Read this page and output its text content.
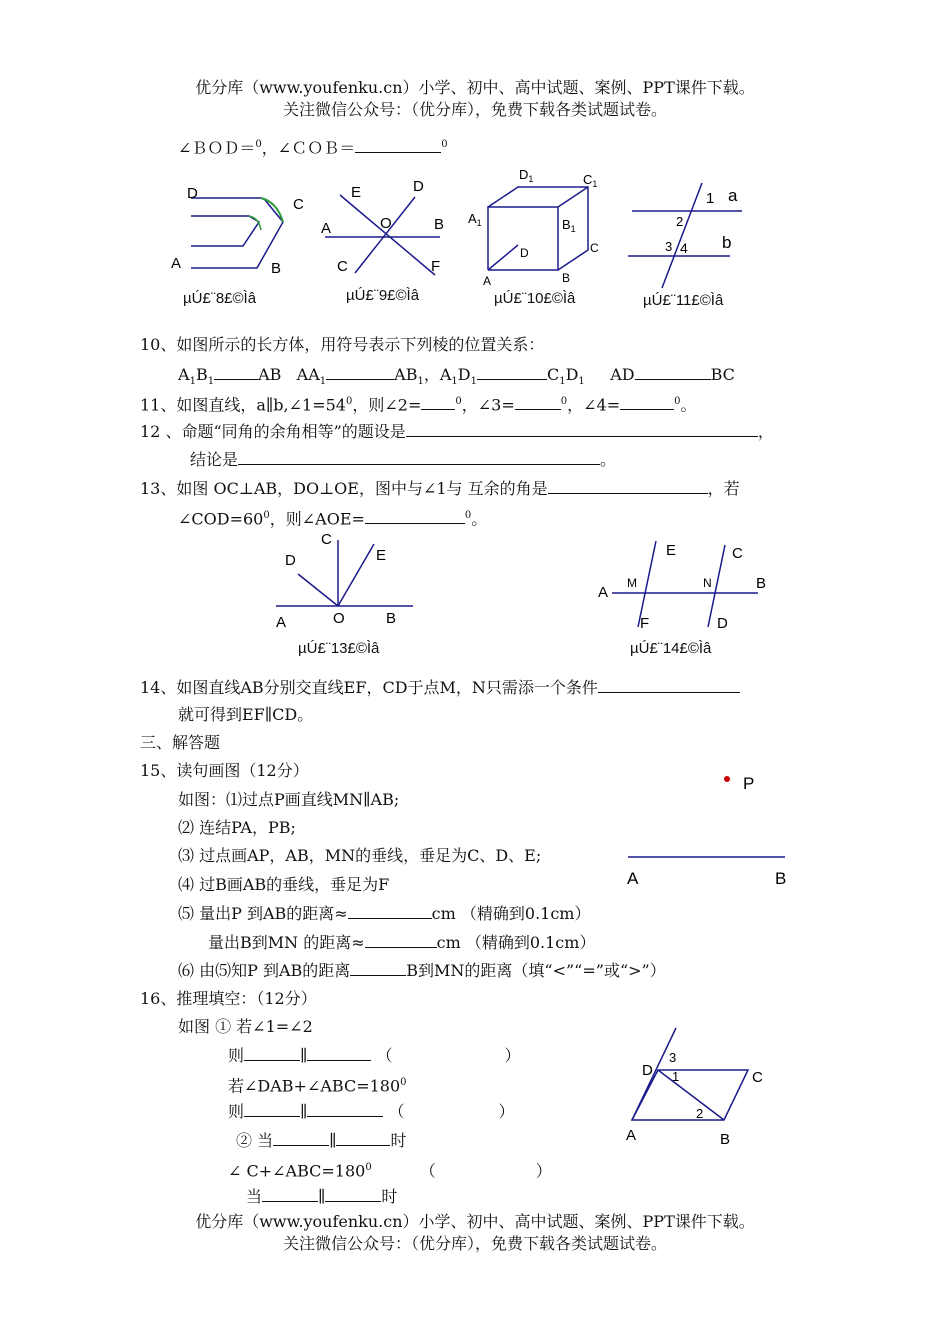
优分库（www.youfenku.cn）小学、初中、高中试题、案例、PPT课件下载。
关注微信公众号：（优分库），免费下载各类试题试卷。
∠ＢＯＤ＝$^0$，∠ＣＯＢ＝	$^0$
D
C
A	B
µÚ£¨8£©Ìâ
E	D
A	O	B
C	F
µÚ£¨9£©Ìâ
$D_1$	$C_1$
$A_1$	$B_1$
D	C
A	B
µÚ£¨10£©Ìâ
1 a
2
3 4 b
µÚ£¨11£©Ìâ
10、如图所示的长方体，用符号表示下列棱的位置关系：
$A_1B_1$	AB $AA_1$	$AB_1$，$A_1D_1$	$C_1D_1$ AD	BC
11、如图直线，$a\parallel b,\angle 1=54^0$，则∠2=	$^0$，∠3=	$^0$，∠4=	$^0$。
12 、命题“同角的余角相等”的题设是	，
结论是	。
13、如图 OC⊥AB，DO⊥OE，图中与∠1与 互余的角是	，若
$\angle COD=60^0$，则∠AOE=	$^0$。
C
D	E
A	O	B
µÚ£¨13£©Ìâ
E	C
A
M	N	B
F	D
µÚ£¨14£©Ìâ
14、如图直线AB分别交直线EF，CD于点M，N只需添一个条件
就可得到EF∥CD。
三、解答题
15、读句画图（12分）
如图：⑴过点P画直线MN∥AB;
⑵ 连结PA，PB;
⑶ 过点画AP，AB，MN的垂线，垂足为C、D、E;
⑷ 过B画AB的垂线，垂足为F
⑸ 量出P 到AB的距离≈	cm （精确到0.1cm）
量出B到MN 的距离≈	cm （精确到0.1cm）
⑹ 由⑸知P 到AB的距离	B到MN的距离（填“<”“=”或“>”）
P
A	B
16、推理填空：（12分）
如图 ① 若∠1=∠2
则	∥	（	）
若$\angle DAB+\angle ABC=180^0$
则	∥	（	）
② 当	∥	时
∠ $C+\angle ABC=180^0$	（	）
当	∥	时
3
D 1	C
2
A	B
优分库（www.youfenku.cn）小学、初中、高中试题、案例、PPT课件下载。
关注微信公众号：（优分库），免费下载各类试题试卷。
